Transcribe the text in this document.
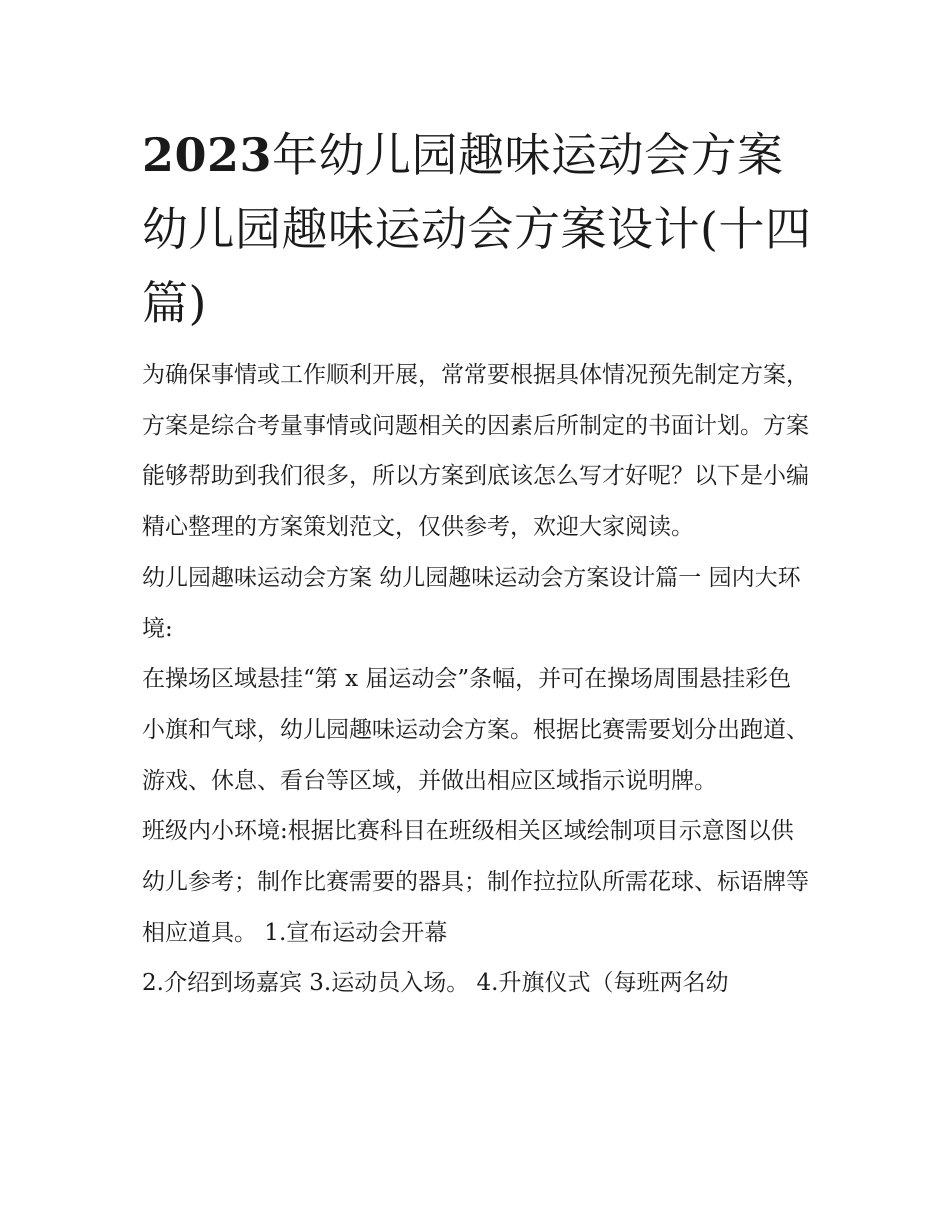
2023年幼儿园趣味运动会方案幼儿园趣味运动会方案设计(十四篇)

为确保事情或工作顺利开展，常常要根据具体情况预先制定方案，方案是综合考量事情或问题相关的因素后所制定的书面计划。方案能够帮助到我们很多，所以方案到底该怎么写才好呢？以下是小编精心整理的方案策划范文，仅供参考，欢迎大家阅读。

幼儿园趣味运动会方案 幼儿园趣味运动会方案设计篇一 园内大环境:

在操场区域悬挂“第 x 届运动会”条幅，并可在操场周围悬挂彩色小旗和气球，幼儿园趣味运动会方案。根据比赛需要划分出跑道、游戏、休息、看台等区域，并做出相应区域指示说明牌。

班级内小环境:根据比赛科目在班级相关区域绘制项目示意图以供幼儿参考；制作比赛需要的器具；制作拉拉队所需花球、标语牌等相应道具。 1.宣布运动会开幕

2.介绍到场嘉宾 3.运动员入场。 4.升旗仪式（每班两名幼
